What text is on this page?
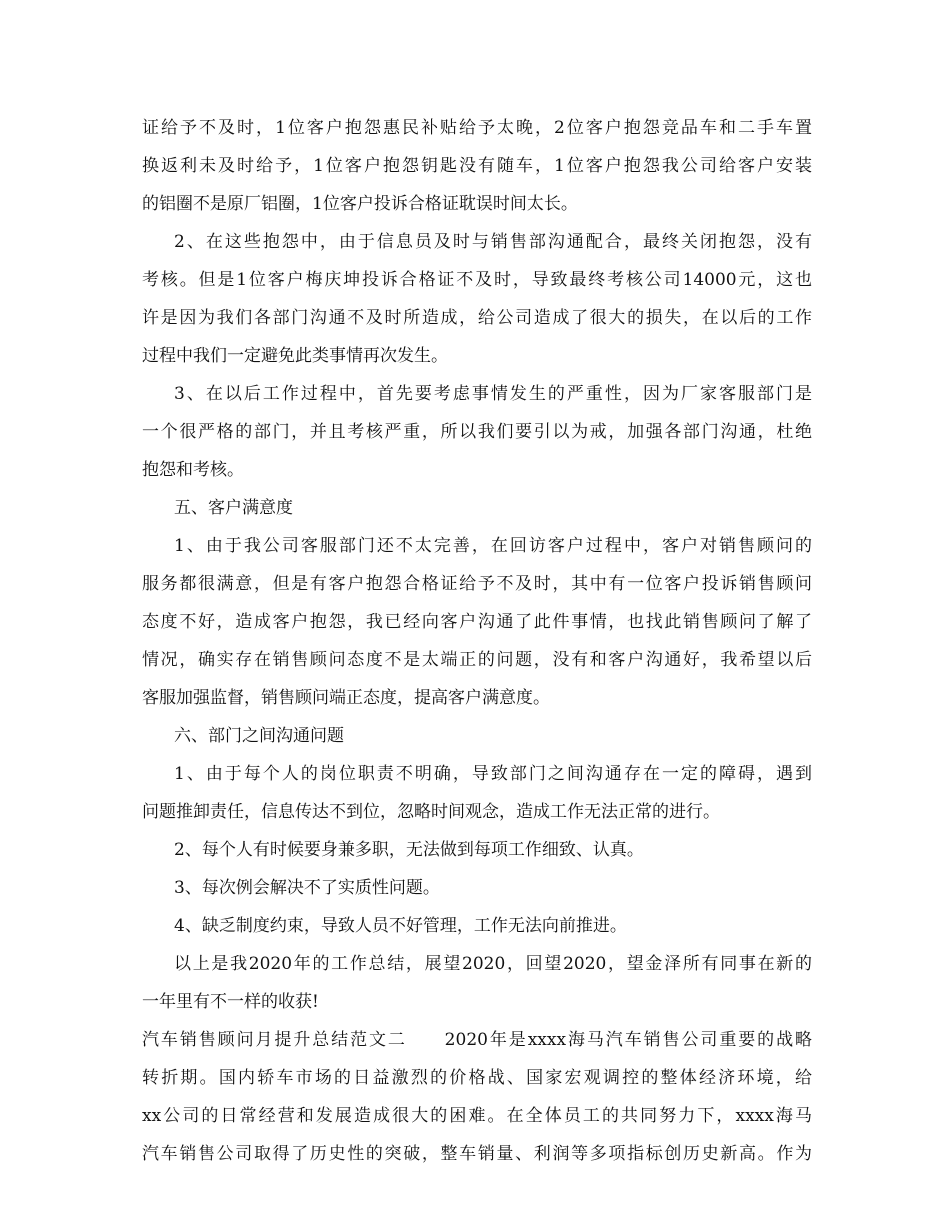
证给予不及时，1位客户抱怨惠民补贴给予太晚，2位客户抱怨竞品车和二手车置
换返利未及时给予，1位客户抱怨钥匙没有随车，1位客户抱怨我公司给客户安装
的铝圈不是原厂铝圈，1位客户投诉合格证耽误时间太长。
2、在这些抱怨中，由于信息员及时与销售部沟通配合，最终关闭抱怨，没有
考核。但是1位客户梅庆坤投诉合格证不及时，导致最终考核公司14000元，这也
许是因为我们各部门沟通不及时所造成，给公司造成了很大的损失，在以后的工作
过程中我们一定避免此类事情再次发生。
3、在以后工作过程中，首先要考虑事情发生的严重性，因为厂家客服部门是
一个很严格的部门，并且考核严重，所以我们要引以为戒，加强各部门沟通，杜绝
抱怨和考核。
五、客户满意度
1、由于我公司客服部门还不太完善，在回访客户过程中，客户对销售顾问的
服务都很满意，但是有客户抱怨合格证给予不及时，其中有一位客户投诉销售顾问
态度不好，造成客户抱怨，我已经向客户沟通了此件事情，也找此销售顾问了解了
情况，确实存在销售顾问态度不是太端正的问题，没有和客户沟通好，我希望以后
客服加强监督，销售顾问端正态度，提高客户满意度。
六、部门之间沟通问题
1、由于每个人的岗位职责不明确，导致部门之间沟通存在一定的障碍，遇到
问题推卸责任，信息传达不到位，忽略时间观念，造成工作无法正常的进行。
2、每个人有时候要身兼多职，无法做到每项工作细致、认真。
3、每次例会解决不了实质性问题。
4、缺乏制度约束，导致人员不好管理，工作无法向前推进。
以上是我2020年的工作总结，展望2020，回望2020，望金泽所有同事在新的
一年里有不一样的收获!
汽车销售顾问月提升总结范文二　　2020年是xxxx海马汽车销售公司重要的战略
转折期。国内轿车市场的日益激烈的价格战、国家宏观调控的整体经济环境，给
xx公司的日常经营和发展造成很大的困难。在全体员工的共同努力下，xxxx海马
汽车销售公司取得了历史性的突破，整车销量、利润等多项指标创历史新高。作为
